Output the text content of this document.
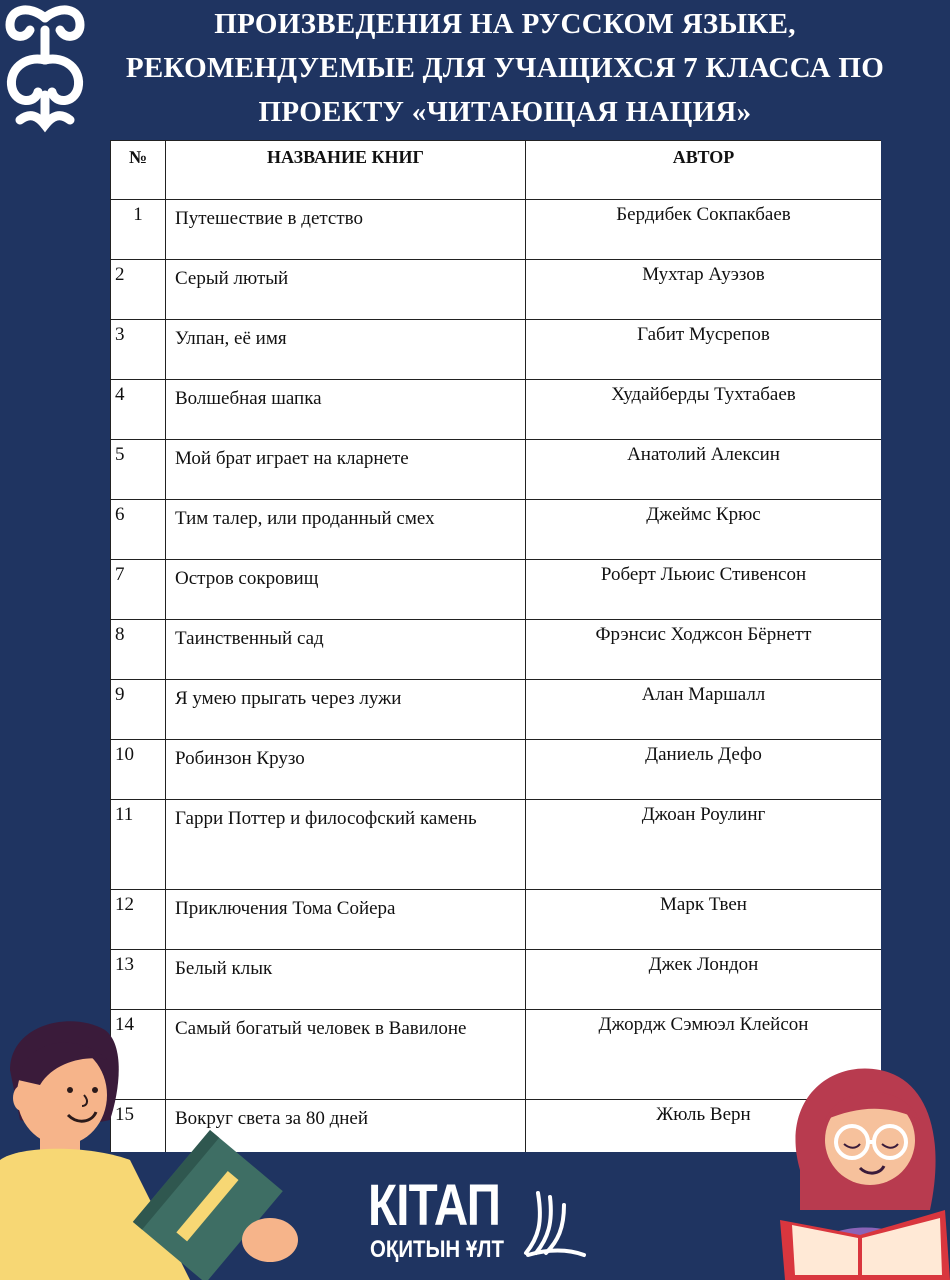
ПРОИЗВЕДЕНИЯ НА РУССКОМ ЯЗЫКЕ,
РЕКОМЕНДУЕМЫЕ ДЛЯ УЧАЩИХСЯ 7 КЛАССА ПО
ПРОЕКТУ «ЧИТАЮЩАЯ НАЦИЯ»
№	НАЗВАНИЕ КНИГ	АВТОР
1	Путешествие в детство	Бердибек Сокпакбаев
2	Серый лютый	Мухтар Ауэзов
3	Улпан, её имя	Габит Мусрепов
4	Волшебная шапка	Худайберды Тухтабаев
5	Мой брат играет на кларнете	Анатолий Алексин
6	Тим талер, или проданный смех	Джеймс Крюс
7	Остров сокровищ	Роберт Льюис Стивенсон
8	Таинственный сад	Фрэнсис Ходжсон Бёрнетт
9	Я умею прыгать через лужи	Алан Маршалл
10	Робинзон Крузо	Даниель Дефо
11	Гарри Поттер и философский камень	Джоан Роулинг
12	Приключения Тома Сойера	Марк Твен
13	Белый клык	Джек Лондон
14	Самый богатый человек в Вавилоне	Джордж Сэмюэл Клейсон
15	Вокруг света за 80 дней	Жюль Верн
КІТАП
ОҚИТЫН ҰЛТ
